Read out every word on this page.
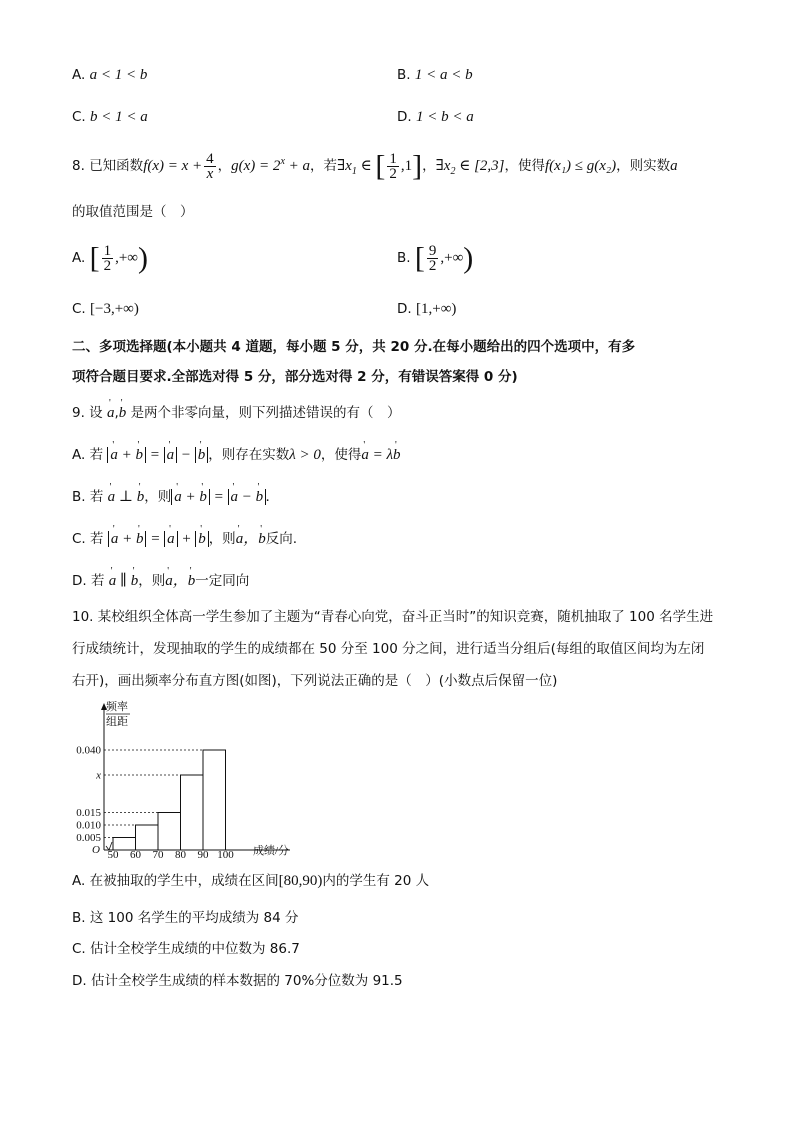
A. a < 1 < b	B. 1 < a < b
C. b < 1 < a	D. 1 < b < a
8. 已知函数$f(x) = x + \frac{4}{x}$ ，$g(x) = 2^x + a$，若$\exists x_1$ ∈ [ $\frac{1}{2} ,1$]，$\exists x_2$ ∈ [2,3]，使得f(x₁) ≤ g(x₂)，则实数a
的取值范围是（　）
A. [ $\frac{1}{2}$ ,+∞)	B. [ $\frac{9}{2}$ ,+∞)
C. [−3,+∞)	D. [1,+∞)
二、多项选择题(本小题共 4 道题，每小题 5 分，共 20 分.在每小题给出的四个选项中，有多
项符合题目要求.全部选对得 5 分，部分选对得 2 分，有错误答案得 0 分)
9. 设 ' a,' b 是两个非零向量，则下列描述错误的有（　）
A. 若 ' a + ' b = ' a − ' b ，则存在实数λ > 0，使得' a = λ' b
B. 若 ' a ⊥ ' b，则 ' a + ' b = ' a − ' b .
C. 若 ' a + ' b = ' a + ' b ，则' a，' b反向.
D. 若 ' a ∥ ' b，则' a，' b一定同向
10. 某校组织全体高一学生参加了主题为“青春心向党，奋斗正当时”的知识竞赛，随机抽取了 100 名学生进
行成绩统计，发现抽取的学生的成绩都在 50 分至 100 分之间，进行适当分组后(每组的取值区间均为左闭
右开)，画出频率分布直方图(如图)，下列说法正确的是（　）(小数点后保留一位)
频率
组距
O
0.005
0.010
0.015
x
0.040
50 60 70 80 90 100 成绩/分
A. 在被抽取的学生中，成绩在区间[80,90)内的学生有 20 人
B. 这 100 名学生的平均成绩为 84 分
C. 估计全校学生成绩的中位数为 86.7
D. 估计全校学生成绩的样本数据的 70%分位数为 91.5
